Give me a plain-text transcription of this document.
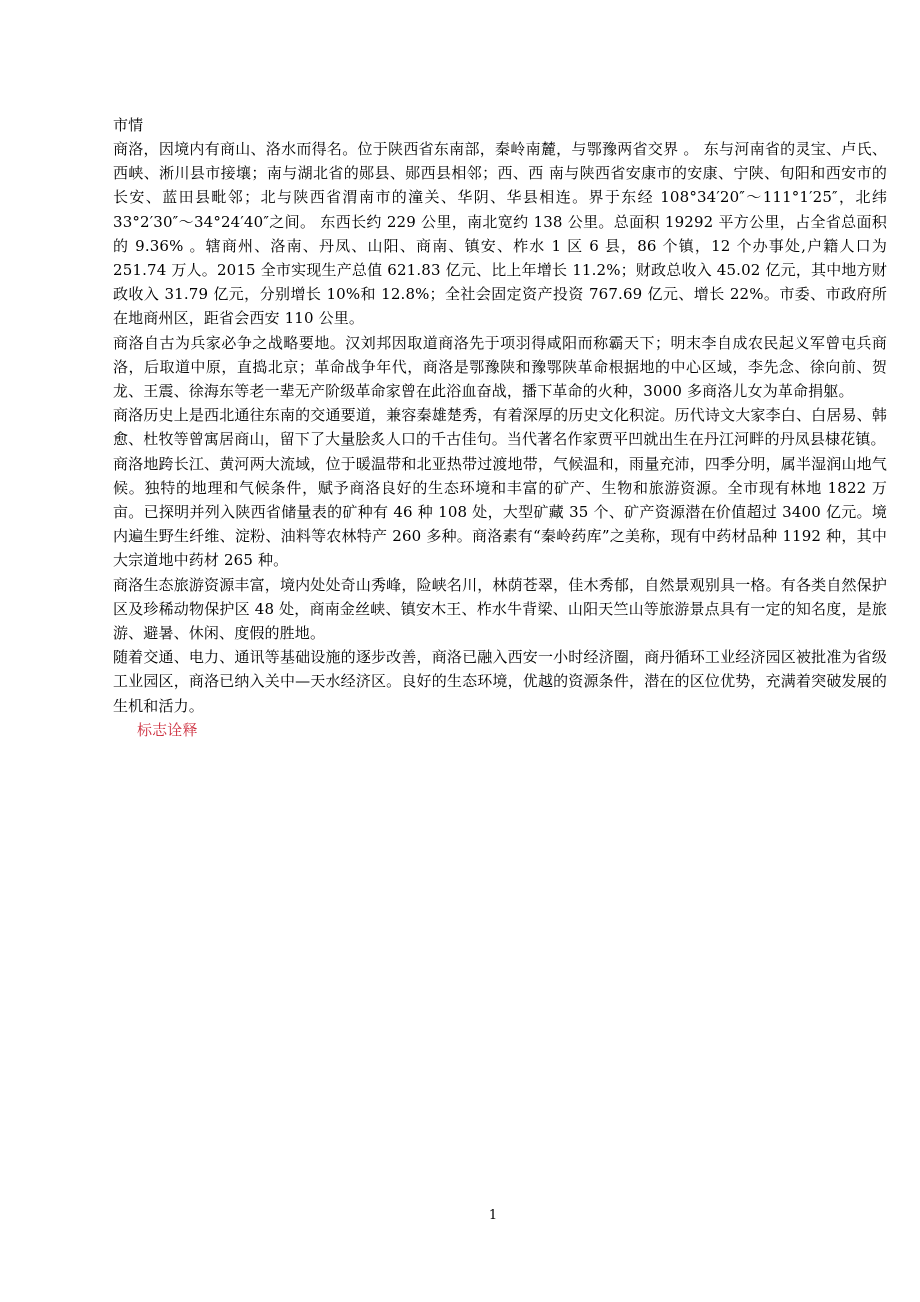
市情

商洛，因境内有商山、洛水而得名。位于陕西省东南部，秦岭南麓，与鄂豫两省交界 。 东与河南省的灵宝、卢氏、西峡、淅川县市接壤；南与湖北省的郧县、郧西县相邻；西、西 南与陕西省安康市的安康、宁陕、旬阳和西安市的长安、蓝田县毗邻；北与陕西省渭南市的潼关、华阴、华县相连。界于东经 108°34′20″～111°1′25″，北纬 33°2′30″～34°24′40″之间。 东西长约 229 公里，南北宽约 138 公里。总面积 19292 平方公里，占全省总面积的 9.36% 。辖商州、洛南、丹凤、山阳、商南、镇安、柞水 1 区 6 县，86 个镇，12 个办事处,户籍人口为 251.74 万人。2015 全市实现生产总值 621.83 亿元、比上年增长 11.2%；财政总收入 45.02 亿元，其中地方财政收入 31.79 亿元，分别增长 10%和 12.8%；全社会固定资产投资 767.69 亿元、增长 22%。市委、市政府所在地商州区，距省会西安 110 公里。

商洛自古为兵家必争之战略要地。汉刘邦因取道商洛先于项羽得咸阳而称霸天下；明末李自成农民起义军曾屯兵商洛，后取道中原，直捣北京；革命战争年代，商洛是鄂豫陕和豫鄂陕革命根据地的中心区域，李先念、徐向前、贺龙、王震、徐海东等老一辈无产阶级革命家曾在此浴血奋战，播下革命的火种，3000 多商洛儿女为革命捐躯。

商洛历史上是西北通往东南的交通要道，兼容秦雄楚秀，有着深厚的历史文化积淀。历代诗文大家李白、白居易、韩愈、杜牧等曾寓居商山，留下了大量脍炙人口的千古佳句。当代著名作家贾平凹就出生在丹江河畔的丹凤县棣花镇。

商洛地跨长江、黄河两大流域，位于暖温带和北亚热带过渡地带，气候温和，雨量充沛，四季分明，属半湿润山地气候。独特的地理和气候条件，赋予商洛良好的生态环境和丰富的矿产、生物和旅游资源。全市现有林地 1822 万亩。已探明并列入陕西省储量表的矿种有 46 种 108 处，大型矿藏 35 个、矿产资源潜在价值超过 3400 亿元。境内遍生野生纤维、淀粉、油料等农林特产 260 多种。商洛素有“秦岭药库”之美称，现有中药材品种 1192 种，其中大宗道地中药材 265 种。

商洛生态旅游资源丰富，境内处处奇山秀峰，险峡名川，林荫苍翠，佳木秀郁，自然景观别具一格。有各类自然保护区及珍稀动物保护区 48 处，商南金丝峡、镇安木王、柞水牛背梁、山阳天竺山等旅游景点具有一定的知名度，是旅游、避暑、休闲、度假的胜地。

随着交通、电力、通讯等基础设施的逐步改善，商洛已融入西安一小时经济圈，商丹循环工业经济园区被批准为省级工业园区，商洛已纳入关中—天水经济区。良好的生态环境，优越的资源条件，潜在的区位优势，充满着突破发展的生机和活力。

标志诠释
1
